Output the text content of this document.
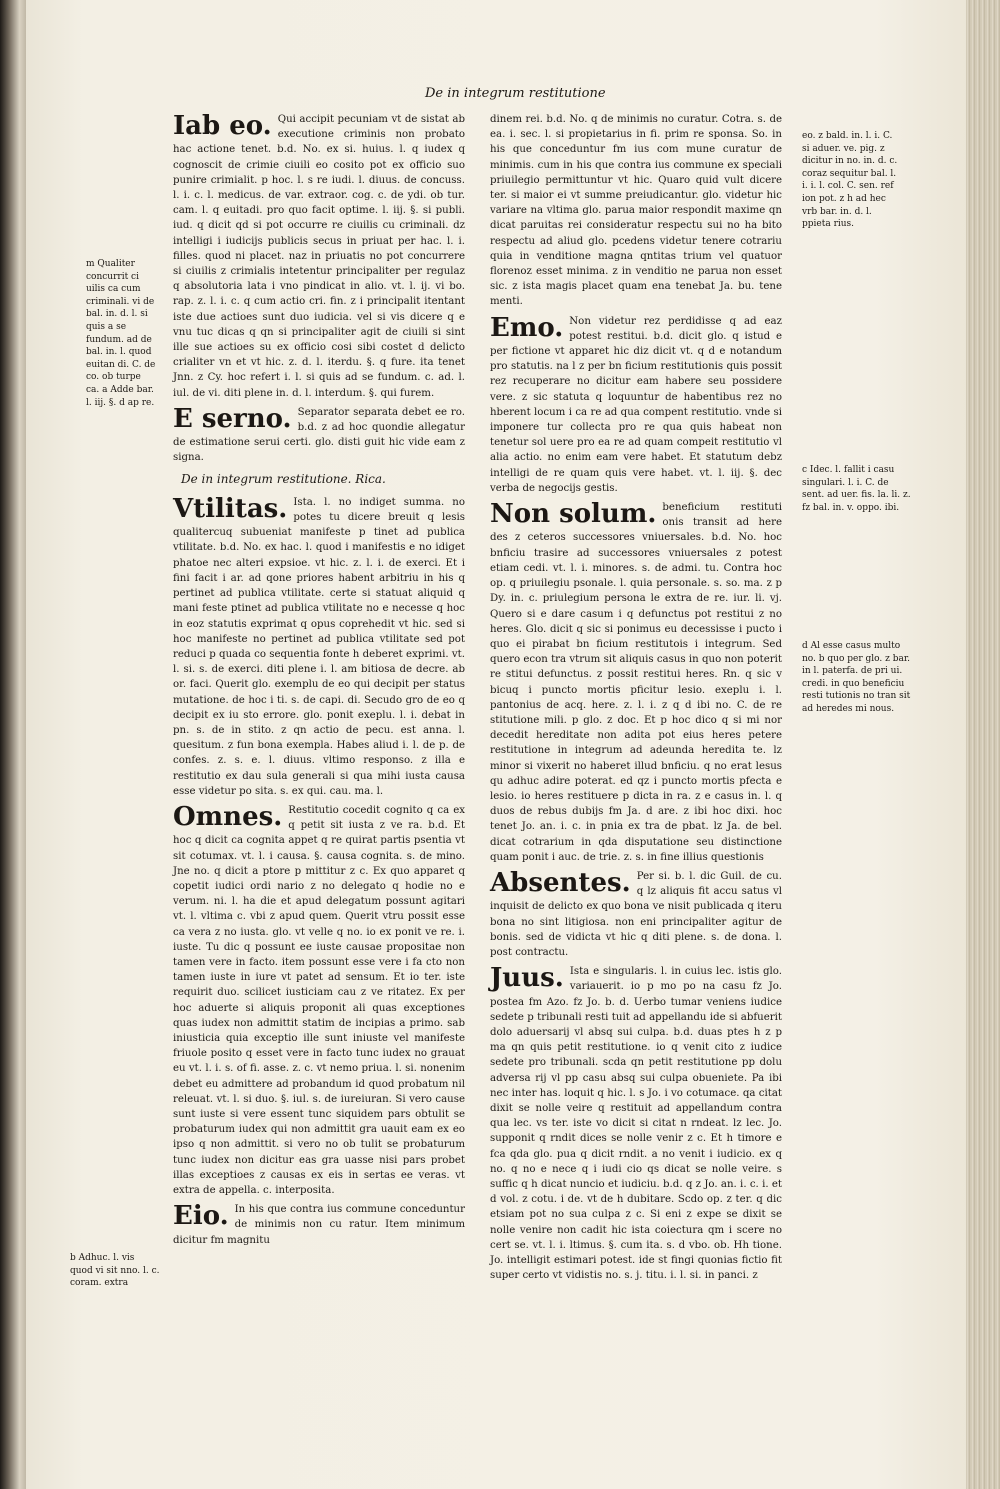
De in integrum restitutione

Iab eo. Qui accipit pecuniam vt de sistat ab executione criminis non probato hac actione tenet. b.d. No. ex si. huius. l. q iudex q cognoscit de crimie ciuili eo cosito pot ex officio suo punire crimialit. p hoc. l. s re iudi. l. diuus. de concuss. l. i. c. l. medicus. de var. extraor. cog. c. de ydi. ob tur. cam. l. q euitadi. pro quo facit optime. l. iij. §. si publi. iud. q dicit qd si pot occurre re ciuilis cu criminali. dz intelligi i iudicijs publicis secus in priuat per hac. l. i. filles. quod ni placet. naz in priuatis no pot concurrere si ciuilis z crimialis intetentur principaliter per regulaz q absolutoria lata i vno pindicat in alio. vt. l. ij. vi bo. rap. z. l. i. c. q cum actio cri. fin. z i principalit itentant iste due actioes sunt duo iudicia. vel si vis dicere q e vnu tuc dicas q qn si principaliter agit de ciuili si sint ille sue actioes su ex officio cosi sibi costet d delicto crialiter vn et vt hic. z. d. l. iterdu. §. q fure. ita tenet Jnn. z Cy. hoc refert i. l. si quis ad se fundum. c. ad. l. iul. de vi. diti plene in. d. l. interdum. §. qui furem.

E serno. Separator separata debet ee ro. b.d. z ad hoc quondie allegatur de estimatione serui certi. glo. disti guit hic vide eam z signa.

De in integrum restitutione. Rica.

Vtilitas. Ista. l. no indiget summa. no potes tu dicere breuit q lesis qualitercuq subueniat manifeste p tinet ad publica vtilitate. b.d. No. ex hac. l. quod i manifestis e no idiget phatoe nec alteri expsioe. vt hic. z. l. i. de exerci. Et i fini facit i ar. ad qone priores habent arbitriu in his q pertinet ad publica vtilitate. certe si statuat aliquid q mani feste ptinet ad publica vtilitate no e necesse q hoc in eoz statutis exprimat q opus coprehedit vt hic. sed si hoc manifeste no pertinet ad publica vtilitate sed pot reduci p quada co sequentia fonte h deberet exprimi. vt. l. si. s. de exerci. diti plene i. l. am bitiosa de decre. ab or. faci. Querit glo. exemplu de eo qui decipit per status mutatione. de hoc i ti. s. de capi. di. Secudo gro de eo q decipit ex iu sto errore. glo. ponit exeplu. l. i. debat in pn. s. de in stito. z qn actio de pecu. est anna. l. quesitum. z fun bona exempla. Habes aliud i. l. de p. de confes. z. s. e. l. diuus. vltimo responso. z illa e restitutio ex dau sula generali si qua mihi iusta causa esse videtur po sita. s. ex qui. cau. ma. l.

Omnes. Restitutio cocedit cognito q ca ex q petit sit iusta z ve ra. b.d. Et hoc q dicit ca cognita appet q re quirat partis psentia vt sit cotumax. vt. l. i causa. §. causa cognita. s. de mino. Jne no. q dicit a ptore p mittitur z c. Ex quo apparet q copetit iudici ordi nario z no delegato q hodie no e verum. ni. l. ha die et apud delegatum possunt agitari vt. l. vltima c. vbi z apud quem. Querit vtru possit esse ca vera z no iusta. glo. vt velle q no. io ex ponit ve re. i. iuste. Tu dic q possunt ee iuste causae propositae non tamen vere in facto. item possunt esse vere i fa cto non tamen iuste in iure vt patet ad sensum. Et io ter. iste requirit duo. scilicet iusticiam cau z ve ritatez. Ex per hoc aduerte si aliquis proponit ali quas exceptiones quas iudex non admittit statim de incipias a primo. sab iniusticia quia exceptio ille sunt iniuste vel manifeste friuole posito q esset vere in facto tunc iudex no grauat eu vt. l. i. s. of fi. asse. z. c. vt nemo priua. l. si. nonenim debet eu admittere ad probandum id quod probatum nil releuat. vt. l. si duo. §. iul. s. de iureiuran. Si vero cause sunt iuste si vere essent tunc siquidem pars obtulit se probaturum iudex qui non admittit gra uauit eam ex eo ipso q non admittit. si vero no ob tulit se probaturum tunc iudex non dicitur eas gra uasse nisi pars probet illas exceptioes z causas ex eis in sertas ee veras. vt extra de appella. c. interposita.

Eio. In his que contra ius commune conceduntur de minimis non cu ratur. Item minimum dicitur fm magnitu

dinem rei. b.d. No. q de minimis no curatur. Cotra. s. de ea. i. sec. l. si propietarius in fi. prim re sponsa. So. in his que conceduntur fm ius com mune curatur de minimis. cum in his que contra ius commune ex speciali priuilegio permittuntur vt hic. Quaro quid vult dicere ter. si maior ei vt summe preiudicantur. glo. videtur hic variare na vltima glo. parua maior respondit maxime qn dicat paruitas rei consideratur respectu sui no ha bito respectu ad aliud glo. pcedens videtur tenere cotrariu quia in venditione magna qntitas trium vel quatuor florenoz esset minima. z in venditio ne parua non esset sic. z ista magis placet quam ena tenebat Ja. bu. tene menti.

Emo. Non videtur rez perdidisse q ad eaz potest restitui. b.d. dicit glo. q istud e per fictione vt apparet hic diz dicit vt. q d e notandum pro statutis. na l z per bn ficium restitutionis quis possit rez recuperare no dicitur eam habere seu possidere vere. z sic statuta q loquuntur de habentibus rez no hberent locum i ca re ad qua compent restitutio. vnde si imponere tur collecta pro re qua quis habeat non tenetur sol uere pro ea re ad quam compeit restitutio vl alia actio. no enim eam vere habet. Et statutum debz intelligi de re quam quis vere habet. vt. l. iij. §. dec verba de negocijs gestis.

Non solum. beneficium restituti onis transit ad here des z ceteros successores vniuersales. b.d. No. hoc bnficiu trasire ad successores vniuersales z potest etiam cedi. vt. l. i. minores. s. de admi. tu. Contra hoc op. q priuilegiu psonale. l. quia personale. s. so. ma. z p Dy. in. c. priulegium persona le extra de re. iur. li. vj. Quero si e dare casum i q defunctus pot restitui z no heres. Glo. dicit q sic si ponimus eu decessisse i pucto i quo ei pirabat bn ficium restitutois i integrum. Sed quero econ tra vtrum sit aliquis casus in quo non poterit re stitui defunctus. z possit restitui heres. Rn. q sic v bicuq i puncto mortis pficitur lesio. exeplu i. l. pantonius de acq. here. z. l. i. z q d ibi no. C. de re stitutione mili. p glo. z doc. Et p hoc dico q si mi nor decedit hereditate non adita pot eius heres petere restitutione in integrum ad adeunda heredita te. lz minor si vixerit no haberet illud bnficiu. q no erat lesus qu adhuc adire poterat. ed qz i puncto mortis pfecta e lesio. io heres restituere p dicta in ra. z e casus in. l. q duos de rebus dubijs fm Ja. d are. z ibi hoc dixi. hoc tenet Jo. an. i. c. in pnia ex tra de pbat. lz Ja. de bel. dicat cotrarium in qda disputatione seu distinctione quam ponit i auc. de trie. z. s. in fine illius questionis

Absentes. Per si. b. l. dic Guil. de cu. q lz aliquis fit accu satus vl inquisit de delicto ex quo bona ve nisit publicada q iteru bona no sint litigiosa. non eni principaliter agitur de bonis. sed de vidicta vt hic q diti plene. s. de dona. l. post contractu.

Juus. Ista e singularis. l. in cuius lec. istis glo. variauerit. io p mo po na casu fz Jo. postea fm Azo. fz Jo. b. d. Uerbo tumar veniens iudice sedete p tribunali resti tuit ad appellandu ide si abfuerit dolo aduersarij vl absq sui culpa. b.d. duas ptes h z p ma qn quis petit restitutione. io q venit cito z iudice sedete pro tribunali. scda qn petit restitutione pp dolu adversa rij vl pp casu absq sui culpa obueniete. Pa ibi nec inter has. loquit q hic. l. s Jo. i vo cotumace. qa citat dixit se nolle veire q restituit ad appellandum contra qua lec. vs ter. iste vo dicit si citat n rndeat. lz lec. Jo. supponit q rndit dices se nolle venir z c. Et h timore e fca qda glo. pua q dicit rndit. a no venit i iudicio. ex q no. q no e nece q i iudi cio qs dicat se nolle veire. s suffic q h dicat nuncio et iudiciu. b.d. q z Jo. an. i. c. i. et d vol. z cotu. i de. vt de h dubitare. Scdo op. z ter. q dic etsiam pot no sua culpa z c. Si eni z expe se dixit se nolle venire non cadit hic ista coiectura qm i scere no cert se. vt. l. i. ltimus. §. cum ita. s. d vbo. ob. Hh tione. Jo. intelligit estimari potest. ide st fingi quonias fictio fit super certo vt vidistis no. s. j. titu. i. l. si. in panci. z

m Qualiter concurrit ci uilis ca cum criminali. vi de bal. in. d. l. si quis a se fundum. ad de bal. in. l. quod euitan di. C. de co. ob turpe ca. a Adde bar. l. iij. §. d ap re.
b Adhuc. l. vis quod vi sit nno. l. c. coram. extra
eo. z bald. in. l. i. C. si aduer. ve. pig. z dicitur in no. in. d. c. coraz sequitur bal. l. i. i. l. col. C. sen. ref ion pot. z h ad hec vrb bar. in. d. l. ppieta rius.
c Idec. l. fallit i casu singulari. l. i. C. de sent. ad uer. fis. la. li. z. fz bal. in. v. oppo. ibi.
d Al esse casus multo no. b quo per glo. z bar. in l. paterfa. de pri ui. credi. in quo beneficiu resti tutionis no tran sit ad heredes mi nous.
